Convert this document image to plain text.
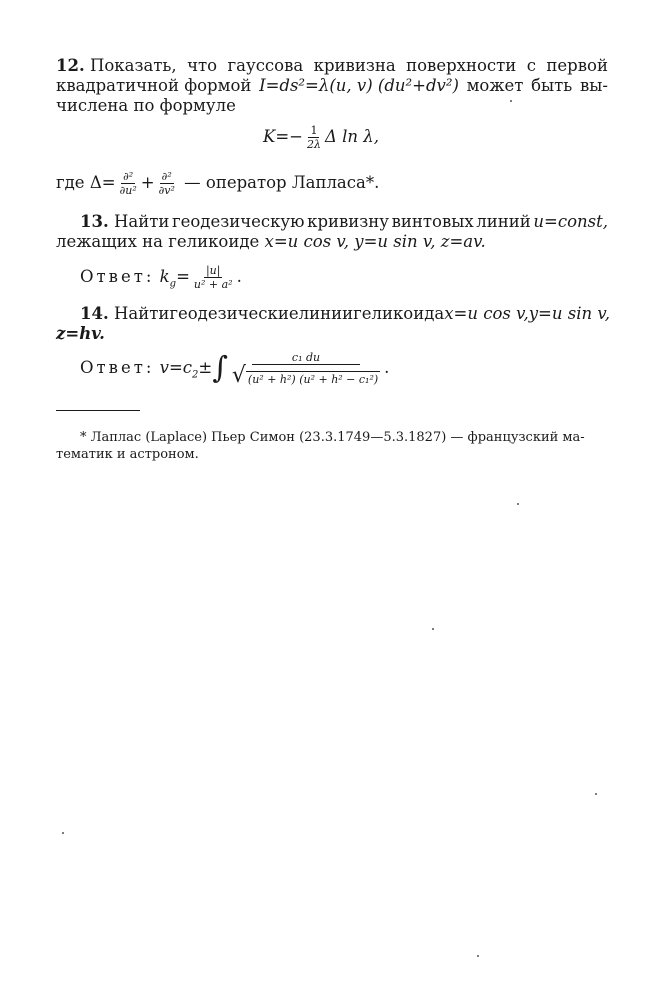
12. Показать, что гауссова кривизна поверхности с первой
квадратичной формой I=ds²=λ(u, v) (du²+dv²) может быть вы-
числена по формуле
$K=- \frac{1}{2\lambda}$ Δ ln λ,
где $\Delta= \frac{\text{∂²}}{\text{∂u²}} + \frac{\text{∂²}}{\text{∂v²}}$ — оператор Лапласа*.
13. Найти геодезическую кривизну винтовых линий u=const,
лежащих на геликоиде x=u cos v, y=u sin v, z=av.
Ответ: $k_g= \frac{|u|}{\text{u² + a²}}$ .
14. Найти геодезические линии геликоида x=u cos v, y=u sin v,
z=hv.
Ответ: $v=c_2\pm\int \frac{\text{c₁ du}}{\text{√ (u² + h²) (u² + h² − c₁²)}}$ .
* Лаплас (Laplace) Пьер Симон (23.3.1749—5.3.1827) — французский ма-
тематик и астроном.
